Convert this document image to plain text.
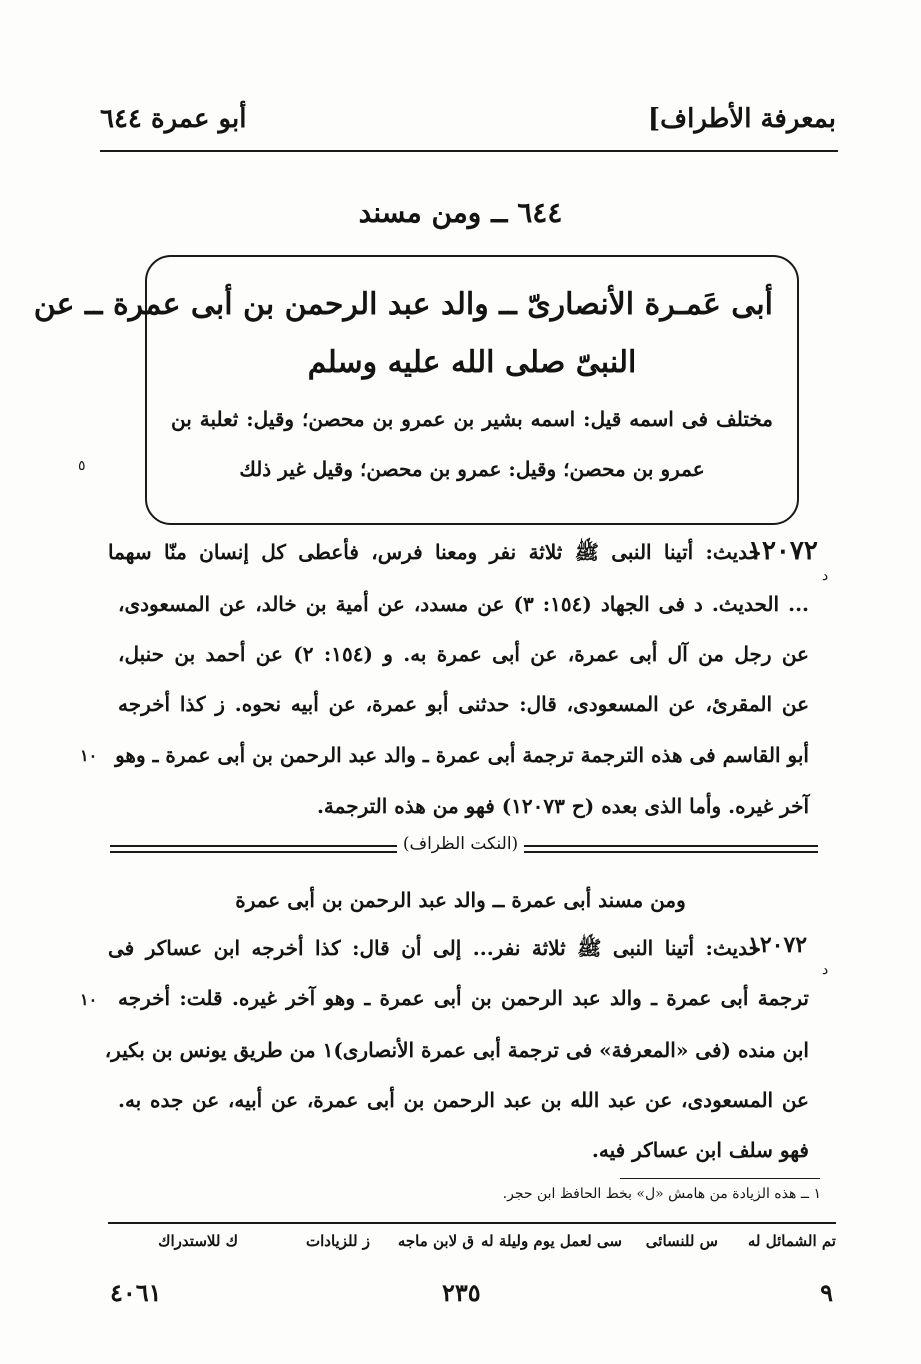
بمعرفة الأطراف]
أبو عمرة ٦٤٤
٦٤٤ ــ ومن مسند
أبى عَمـرة الأنصارىّ ــ والد عبد الرحمن بن أبى عمرة ــ عن
النبىّ صلى الله عليه وسلم
مختلف فى اسمه قيل: اسمه بشير بن عمرو بن محصن؛ وقيل: ثعلبة بن
عمرو بن محصن؛ وقيل: عمرو بن محصن؛ وقيل غير ذلك
٥
١٢٠٧٢
د
حديث: أتينا النبى ﷺ ثلاثة نفر ومعنا فرس، فأعطى كل إنسان منّا سهما
... الحديث. د فى الجهاد (١٥٤: ٣) عن مسدد، عن أمية بن خالد، عن المسعودى،
عن رجل من آل أبى عمرة، عن أبى عمرة به. و (١٥٤: ٢) عن أحمد بن حنبل،
عن المقرئ، عن المسعودى، قال: حدثنى أبو عمرة، عن أبيه نحوه. ز كذا أخرجه
أبو القاسم فى هذه الترجمة ترجمة أبى عمرة ـ والد عبد الرحمن بن أبى عمرة ـ وهو
١٠
آخر غيره. وأما الذى بعده (ح ١٢٠٧٣) فهو من هذه الترجمة.
(النكت الظراف)
ومن مسند أبى عمرة ــ والد عبد الرحمن بن أبى عمرة
١٢٠٧٢
د
حديث: أتينا النبى ﷺ ثلاثة نفر... إلى أن قال: كذا أخرجه ابن عساكر فى
ترجمة أبى عمرة ـ والد عبد الرحمن بن أبى عمرة ـ وهو آخر غيره. قلت: أخرجه
١٠
ابن منده (فى «المعرفة» فى ترجمة أبى عمرة الأنصارى)١ من طريق يونس بن بكير،
عن المسعودى، عن عبد الله بن عبد الرحمن بن أبى عمرة، عن أبيه، عن جده به.
فهو سلف ابن عساكر فيه.
١ ــ هذه الزيادة من هامش «ل» بخط الحافظ ابن حجر.
تم الشمائل له
س للنسائى
سى لعمل يوم وليلة له
ق لابن ماجه
ز للزيادات
ك للاستدراك
٩
٢٣٥
٤٠٦١
